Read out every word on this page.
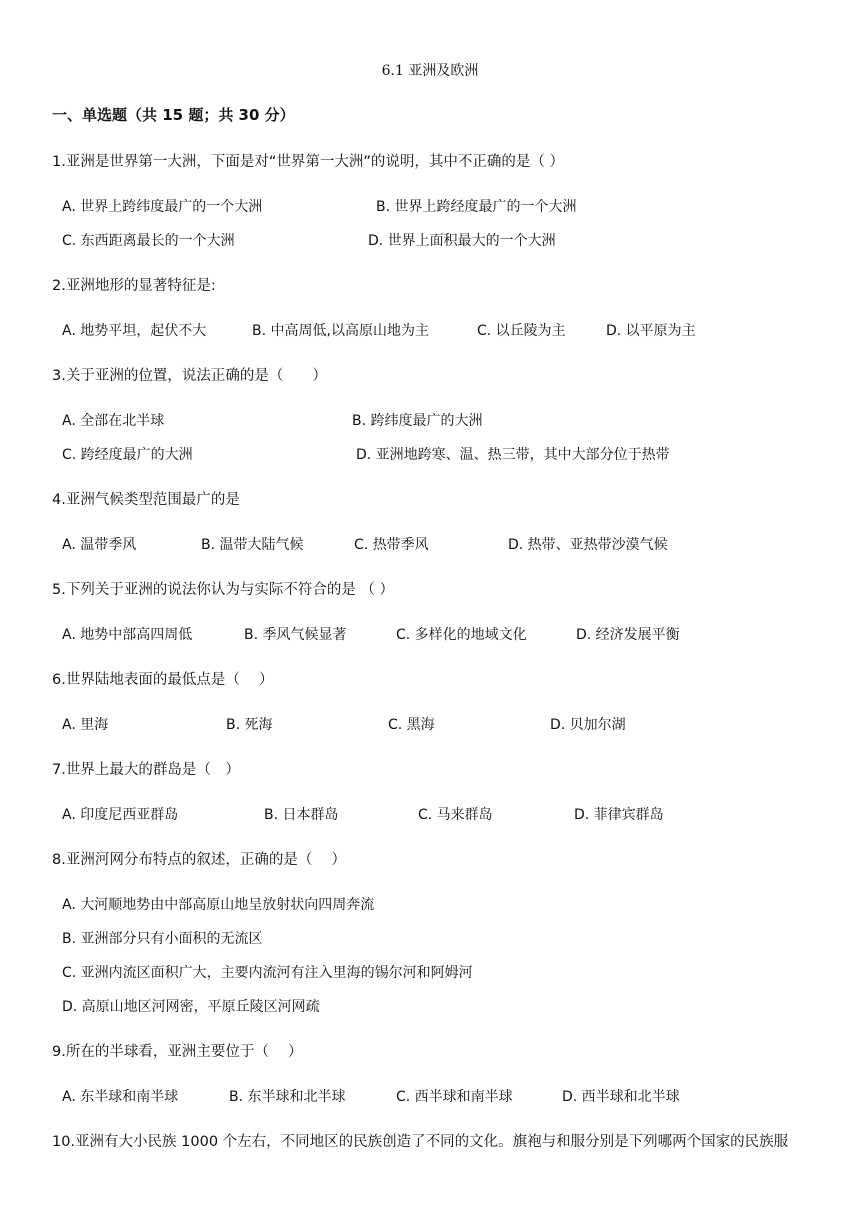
6.1 亚洲及欧洲
一、单选题（共 15 题；共 30 分）
1.亚洲是世界第一大洲，下面是对“世界第一大洲”的说明，其中不正确的是（ ）
A. 世界上跨纬度最广的一个大洲	B. 世界上跨经度最广的一个大洲
C. 东西距离最长的一个大洲	D. 世界上面积最大的一个大洲
2.亚洲地形的显著特征是:
A. 地势平坦，起伏不大	B. 中高周低,以高原山地为主	C. 以丘陵为主	D. 以平原为主
3.关于亚洲的位置，说法正确的是（　　）
A. 全部在北半球	B. 跨纬度最广的大洲
C. 跨经度最广的大洲	D. 亚洲地跨寒、温、热三带，其中大部分位于热带
4.亚洲气候类型范围最广的是
A. 温带季风	B. 温带大陆气候	C. 热带季风	D. 热带、亚热带沙漠气候
5.下列关于亚洲的说法你认为与实际不符合的是 （ ）
A. 地势中部高四周低	B. 季风气候显著	C. 多样化的地域文化	D. 经济发展平衡
6.世界陆地表面的最低点是（　 ）
A. 里海	B. 死海	C. 黑海	D. 贝加尔湖
7.世界上最大的群岛是（　）
A. 印度尼西亚群岛	B. 日本群岛	C. 马来群岛	D. 菲律宾群岛
8.亚洲河网分布特点的叙述，正确的是（　 ）
A. 大河顺地势由中部高原山地呈放射状向四周奔流
B. 亚洲部分只有小面积的无流区
C. 亚洲内流区面积广大，主要内流河有注入里海的锡尔河和阿姆河
D. 高原山地区河网密，平原丘陵区河网疏
9.所在的半球看，亚洲主要位于（　 ）
A. 东半球和南半球	B. 东半球和北半球	C. 西半球和南半球	D. 西半球和北半球
10.亚洲有大小民族 1000 个左右，不同地区的民族创造了不同的文化。旗袍与和服分别是下列哪两个国家的民族服
